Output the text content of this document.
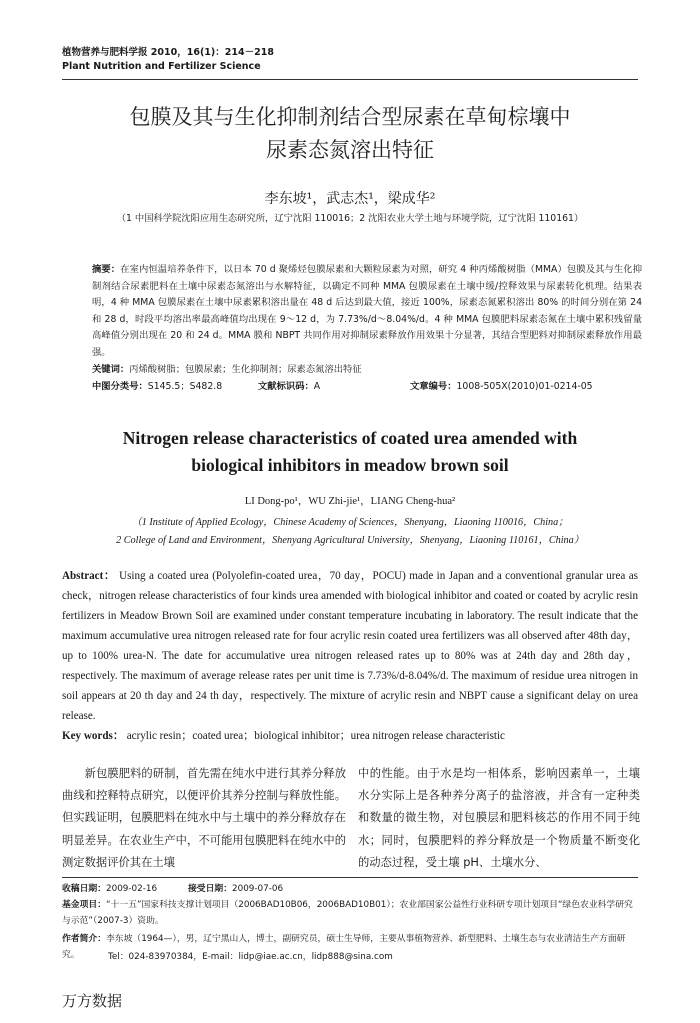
植物营养与肥料学报 2010，16(1)：214－218
Plant Nutrition and Fertilizer Science
包膜及其与生化抑制剂结合型尿素在草甸棕壤中
尿素态氮溶出特征
李东坡¹，武志杰¹，梁成华²
（1 中国科学院沈阳应用生态研究所，辽宁沈阳 110016；2 沈阳农业大学土地与环境学院，辽宁沈阳 110161）
摘要：在室内恒温培养条件下，以日本 70 d 聚烯烃包膜尿素和大颗粒尿素为对照，研究 4 种丙烯酸树脂（MMA）包膜及其与生化抑制剂结合尿素肥料在土壤中尿素态氮溶出与水解特征，以确定不同种 MMA 包膜尿素在土壤中缓/控释效果与尿素转化机理。结果表明，4 种 MMA 包膜尿素在土壤中尿素累积溶出量在 48 d 后达到最大值，接近 100%，尿素态氮累积溶出 80% 的时间分别在第 24 和 28 d，时段平均溶出率最高峰值均出现在 9～12 d，为 7.73%/d～8.04%/d。4 种 MMA 包膜肥料尿素态氮在土壤中累积残留量高峰值分别出现在 20 和 24 d。MMA 膜和 NBPT 共同作用对抑制尿素释放作用效果十分显著，其结合型肥料对抑制尿素释放作用最强。
关键词：丙烯酸树脂；包膜尿素；生化抑制剂；尿素态氮溶出特征
中图分类号：S145.5；S482.8	文献标识码：A	文章编号：1008-505X(2010)01-0214-05
Nitrogen release characteristics of coated urea amended with
biological inhibitors in meadow brown soil
LI Dong-po¹，WU Zhi-jie¹，LIANG Cheng-hua²
（1 Institute of Applied Ecology，Chinese Academy of Sciences，Shenyang，Liaoning 110016，China；
2 College of Land and Environment，Shenyang Agricultural University，Shenyang，Liaoning 110161，China）
Abstract： Using a coated urea (Polyolefin-coated urea，70 day，POCU) made in Japan and a conventional granular urea as check，nitrogen release characteristics of four kinds urea amended with biological inhibitor and coated or coated by acrylic resin fertilizers in Meadow Brown Soil are examined under constant temperature incubating in laboratory. The result indicate that the maximum accumulative urea nitrogen released rate for four acrylic resin coated urea fertilizers was all observed after 48th day，up to 100% urea-N. The date for accumulative urea nitrogen released rates up to 80% was at 24th day and 28th day，respectively. The maximum of average release rates per unit time is 7.73%/d-8.04%/d. The maximum of residue urea nitrogen in soil appears at 20 th day and 24 th day，respectively. The mixture of acrylic resin and NBPT cause a significant delay on urea release.
Key words： acrylic resin；coated urea；biological inhibitor；urea nitrogen release characteristic
新包膜肥料的研制，首先需在纯水中进行其养分释放曲线和控释特点研究，以便评价其养分控制与释放性能。但实践证明，包膜肥料在纯水中与土壤中的养分释放存在明显差异。在农业生产中，不可能用包膜肥料在纯水中的测定数据评价其在土壤
中的性能。由于水是均一相体系，影响因素单一，土壤水分实际上是各种养分离子的盐溶液，并含有一定种类和数量的微生物，对包膜层和肥料核芯的作用不同于纯水；同时，包膜肥料的养分释放是一个物质量不断变化的动态过程，受土壤 pH、土壤水分、
收稿日期：2009-02-16	接受日期：2009-07-06
基金项目：“十一五”国家科技支撑计划项目（2006BAD10B06，2006BAD10B01）；农业部国家公益性行业科研专项计划项目“绿色农业科学研究与示范”（2007-3）资助。
作者简介：李东坡（1964—），男，辽宁黑山人，博士，副研究员，硕士生导师，主要从事植物营养、新型肥料、土壤生态与农业清洁生产方面研究。	Tel：024-83970384，E-mail：lidp@iae.ac.cn，lidp888@sina.com
万方数据
